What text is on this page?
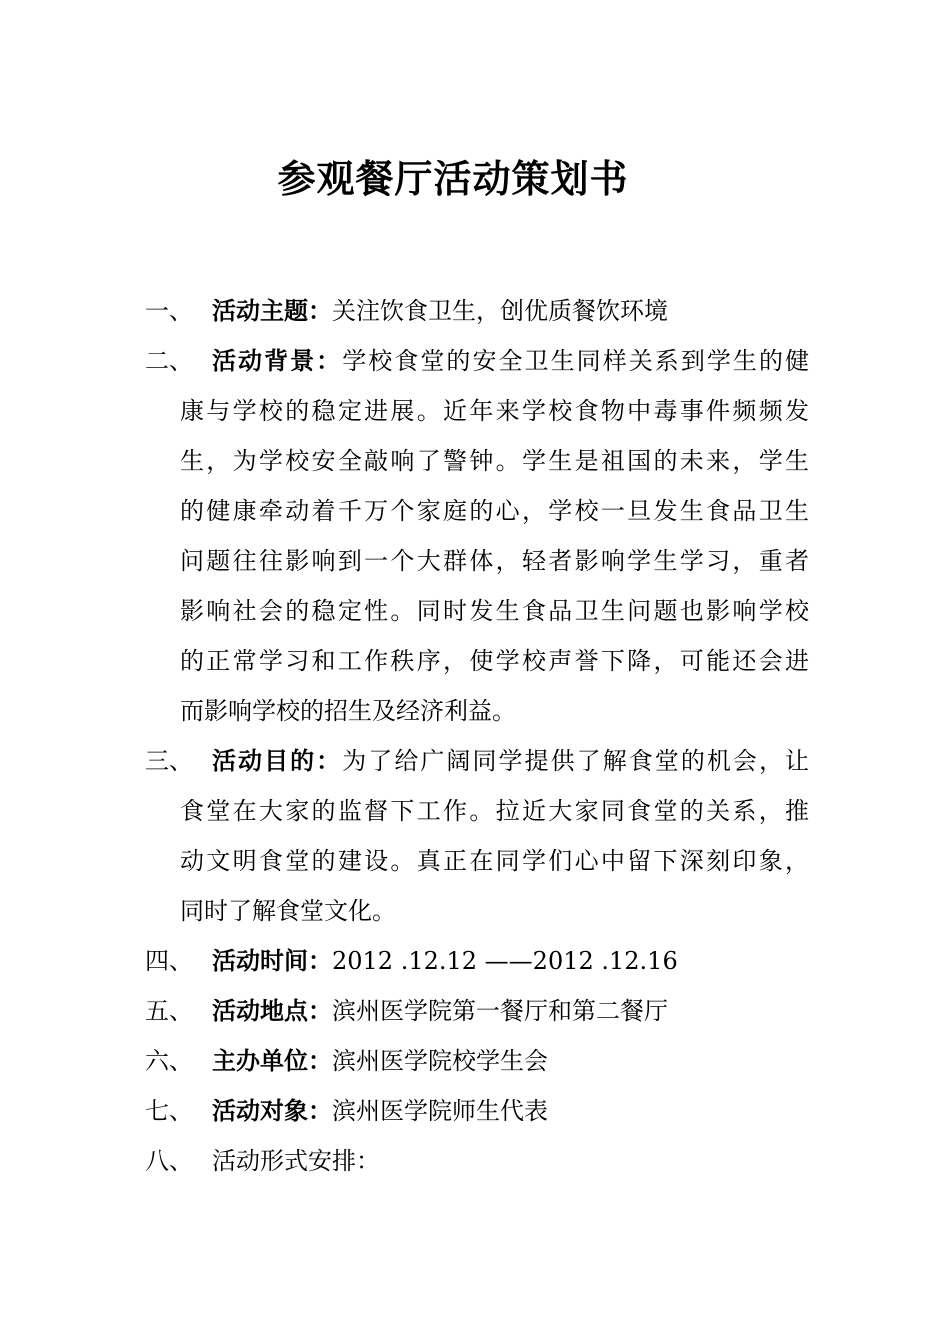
参观餐厅活动策划书
一、 活动主题：关注饮食卫生，创优质餐饮环境
二、 活动背景：学校食堂的安全卫生同样关系到学生的健
康与学校的稳定进展。近年来学校食物中毒事件频频发
生，为学校安全敲响了警钟。学生是祖国的未来，学生
的健康牵动着千万个家庭的心，学校一旦发生食品卫生
问题往往影响到一个大群体，轻者影响学生学习，重者
影响社会的稳定性。同时发生食品卫生问题也影响学校
的正常学习和工作秩序，使学校声誉下降，可能还会进
而影响学校的招生及经济利益。
三、 活动目的：为了给广阔同学提供了解食堂的机会，让
食堂在大家的监督下工作。拉近大家同食堂的关系，推
动文明食堂的建设。真正在同学们心中留下深刻印象，
同时了解食堂文化。
四、 活动时间：2012 .12.12 ——2012 .12.16
五、 活动地点：滨州医学院第一餐厅和第二餐厅
六、 主办单位：滨州医学院校学生会
七、 活动对象：滨州医学院师生代表
八、 活动形式安排：
